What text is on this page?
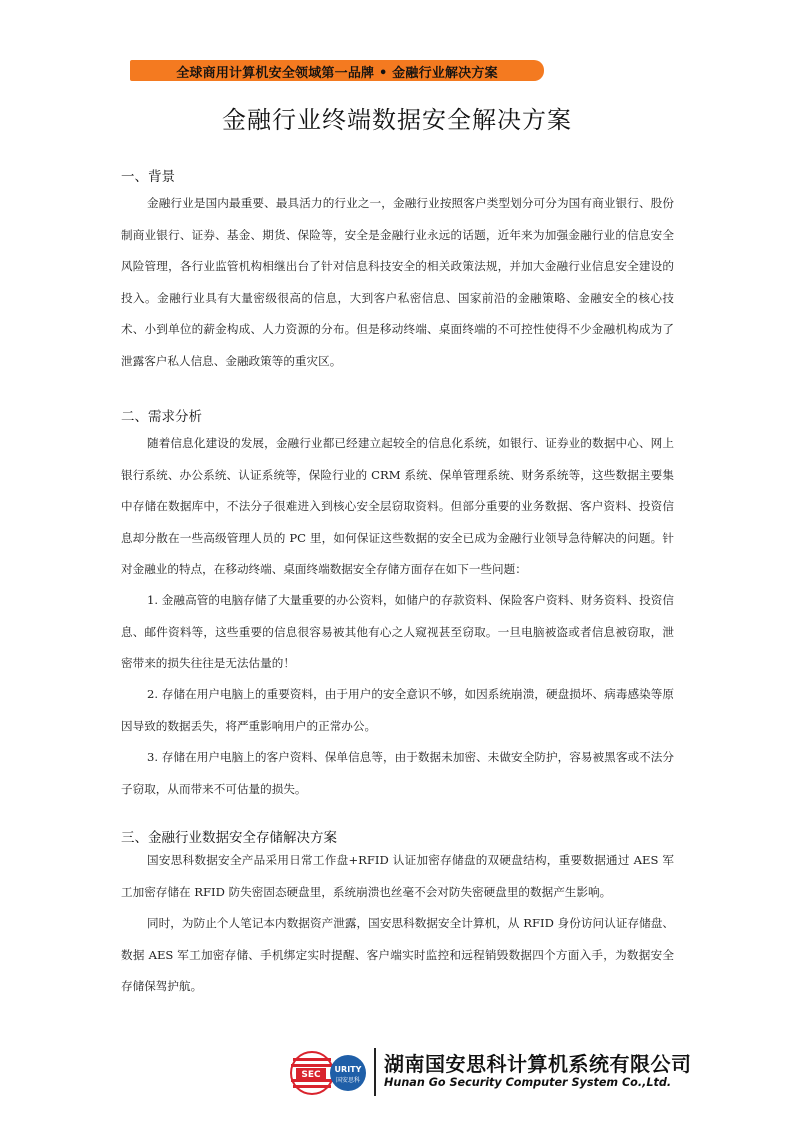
全球商用计算机安全领域第一品牌 • 金融行业解决方案
金融行业终端数据安全解决方案
一、背景

金融行业是国内最重要、最具活力的行业之一，金融行业按照客户类型划分可分为国有商业银行、股份制商业银行、证券、基金、期货、保险等，安全是金融行业永远的话题，近年来为加强金融行业的信息安全风险管理，各行业监管机构相继出台了针对信息科技安全的相关政策法规，并加大金融行业信息安全建设的投入。金融行业具有大量密级很高的信息，大到客户私密信息、国家前沿的金融策略、金融安全的核心技术、小到单位的薪金构成、人力资源的分布。但是移动终端、桌面终端的不可控性使得不少金融机构成为了泄露客户私人信息、金融政策等的重灾区。

二、需求分析

随着信息化建设的发展，金融行业都已经建立起较全的信息化系统，如银行、证券业的数据中心、网上银行系统、办公系统、认证系统等，保险行业的 CRM 系统、保单管理系统、财务系统等，这些数据主要集中存储在数据库中，不法分子很难进入到核心安全层窃取资料。但部分重要的业务数据、客户资料、投资信息却分散在一些高级管理人员的 PC 里，如何保证这些数据的安全已成为金融行业领导急待解决的问题。针对金融业的特点，在移动终端、桌面终端数据安全存储方面存在如下一些问题：

1. 金融高管的电脑存储了大量重要的办公资料，如储户的存款资料、保险客户资料、财务资料、投资信息、邮件资料等，这些重要的信息很容易被其他有心之人窥视甚至窃取。一旦电脑被盗或者信息被窃取，泄密带来的损失往往是无法估量的！

2. 存储在用户电脑上的重要资料，由于用户的安全意识不够，如因系统崩溃，硬盘损坏、病毒感染等原因导致的数据丢失，将严重影响用户的正常办公。

3. 存储在用户电脑上的客户资料、保单信息等，由于数据未加密、未做安全防护，容易被黑客或不法分子窃取，从而带来不可估量的损失。

三、金融行业数据安全存储解决方案

国安思科数据安全产品采用日常工作盘+RFID 认证加密存储盘的双硬盘结构，重要数据通过 AES 军工加密存储在 RFID 防失密固态硬盘里，系统崩溃也丝毫不会对防失密硬盘里的数据产生影响。

同时，为防止个人笔记本内数据资产泄露，国安思科数据安全计算机，从 RFID 身份访问认证存储盘、数据 AES 军工加密存储、手机绑定实时提醒、客户端实时监控和远程销毁数据四个方面入手，为数据安全存储保驾护航。

SEC
URITY
国安思科
湖南国安思科计算机系统有限公司
Hunan Go Security Computer System Co.,Ltd.
